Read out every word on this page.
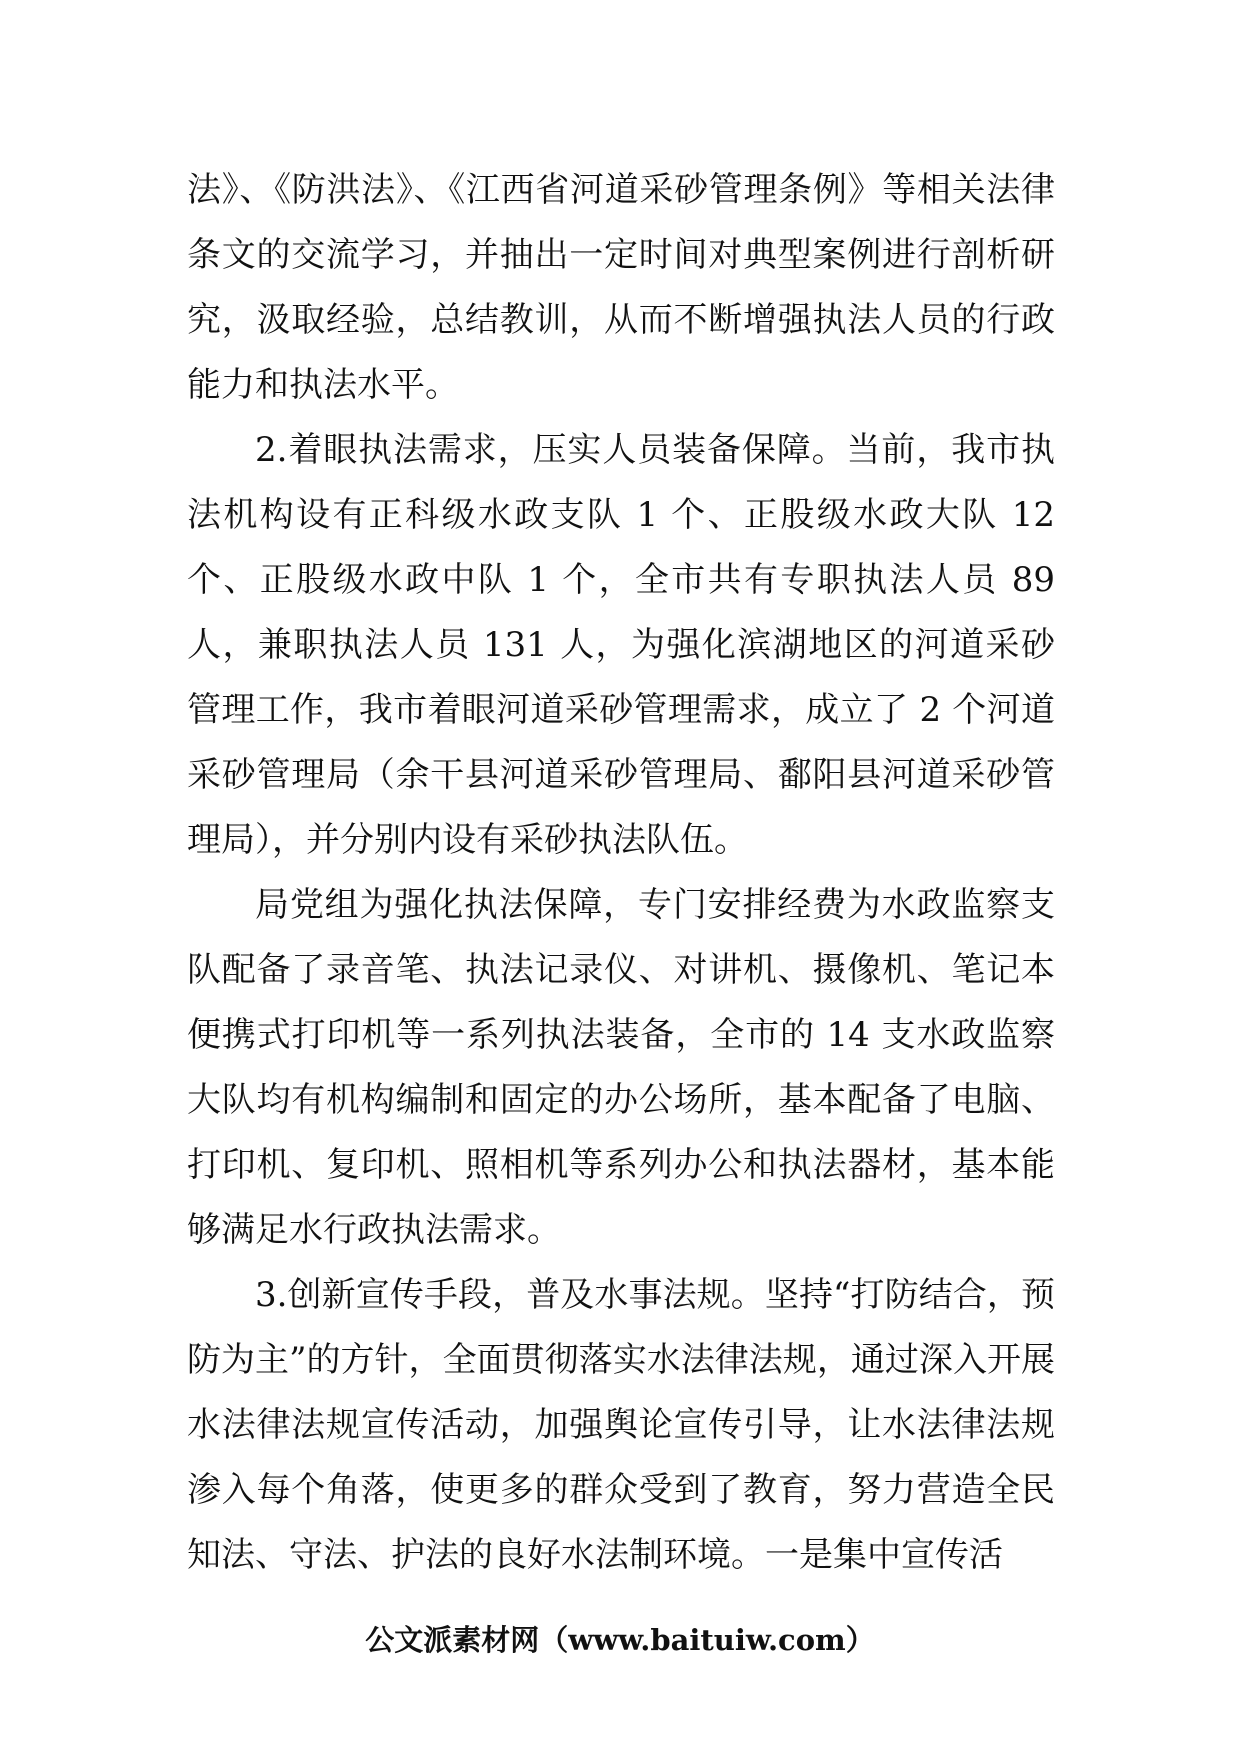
法》、《防洪法》、《江西省河道采砂管理条例》等相关法律条文的交流学习，并抽出一定时间对典型案例进行剖析研究，汲取经验，总结教训，从而不断增强执法人员的行政能力和执法水平。

2.着眼执法需求，压实人员装备保障。当前，我市执法机构设有正科级水政支队 1 个、正股级水政大队 12 个、正股级水政中队 1 个，全市共有专职执法人员 89 人，兼职执法人员 131 人，为强化滨湖地区的河道采砂管理工作，我市着眼河道采砂管理需求，成立了 2 个河道采砂管理局（余干县河道采砂管理局、鄱阳县河道采砂管理局），并分别内设有采砂执法队伍。

局党组为强化执法保障，专门安排经费为水政监察支队配备了录音笔、执法记录仪、对讲机、摄像机、笔记本便携式打印机等一系列执法装备，全市的 14 支水政监察大队均有机构编制和固定的办公场所，基本配备了电脑、打印机、复印机、照相机等系列办公和执法器材，基本能够满足水行政执法需求。

3.创新宣传手段，普及水事法规。坚持“打防结合，预防为主”的方针，全面贯彻落实水法律法规，通过深入开展水法律法规宣传活动，加强舆论宣传引导，让水法律法规渗入每个角落，使更多的群众受到了教育，努力营造全民知法、守法、护法的良好水法制环境。一是集中宣传活

公文派素材网（www.baituiw.com）
